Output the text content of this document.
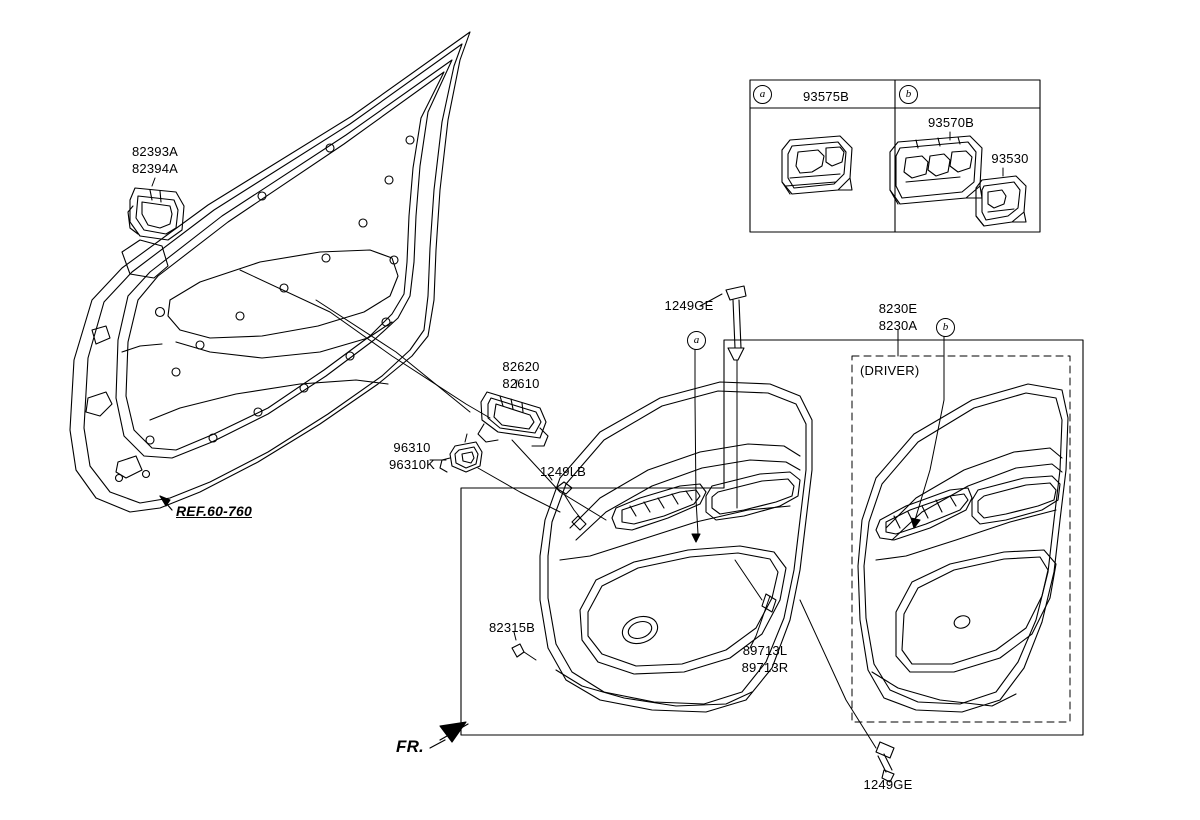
82393A
82394A
REF.60-760
82620
82610
96310
96310K	1249LB
1249GE
1249GE
82315B
8230E
8230A
89713L
89713R
(DRIVER)
FR.
93575B
93570B
93530
a	b
a
b
